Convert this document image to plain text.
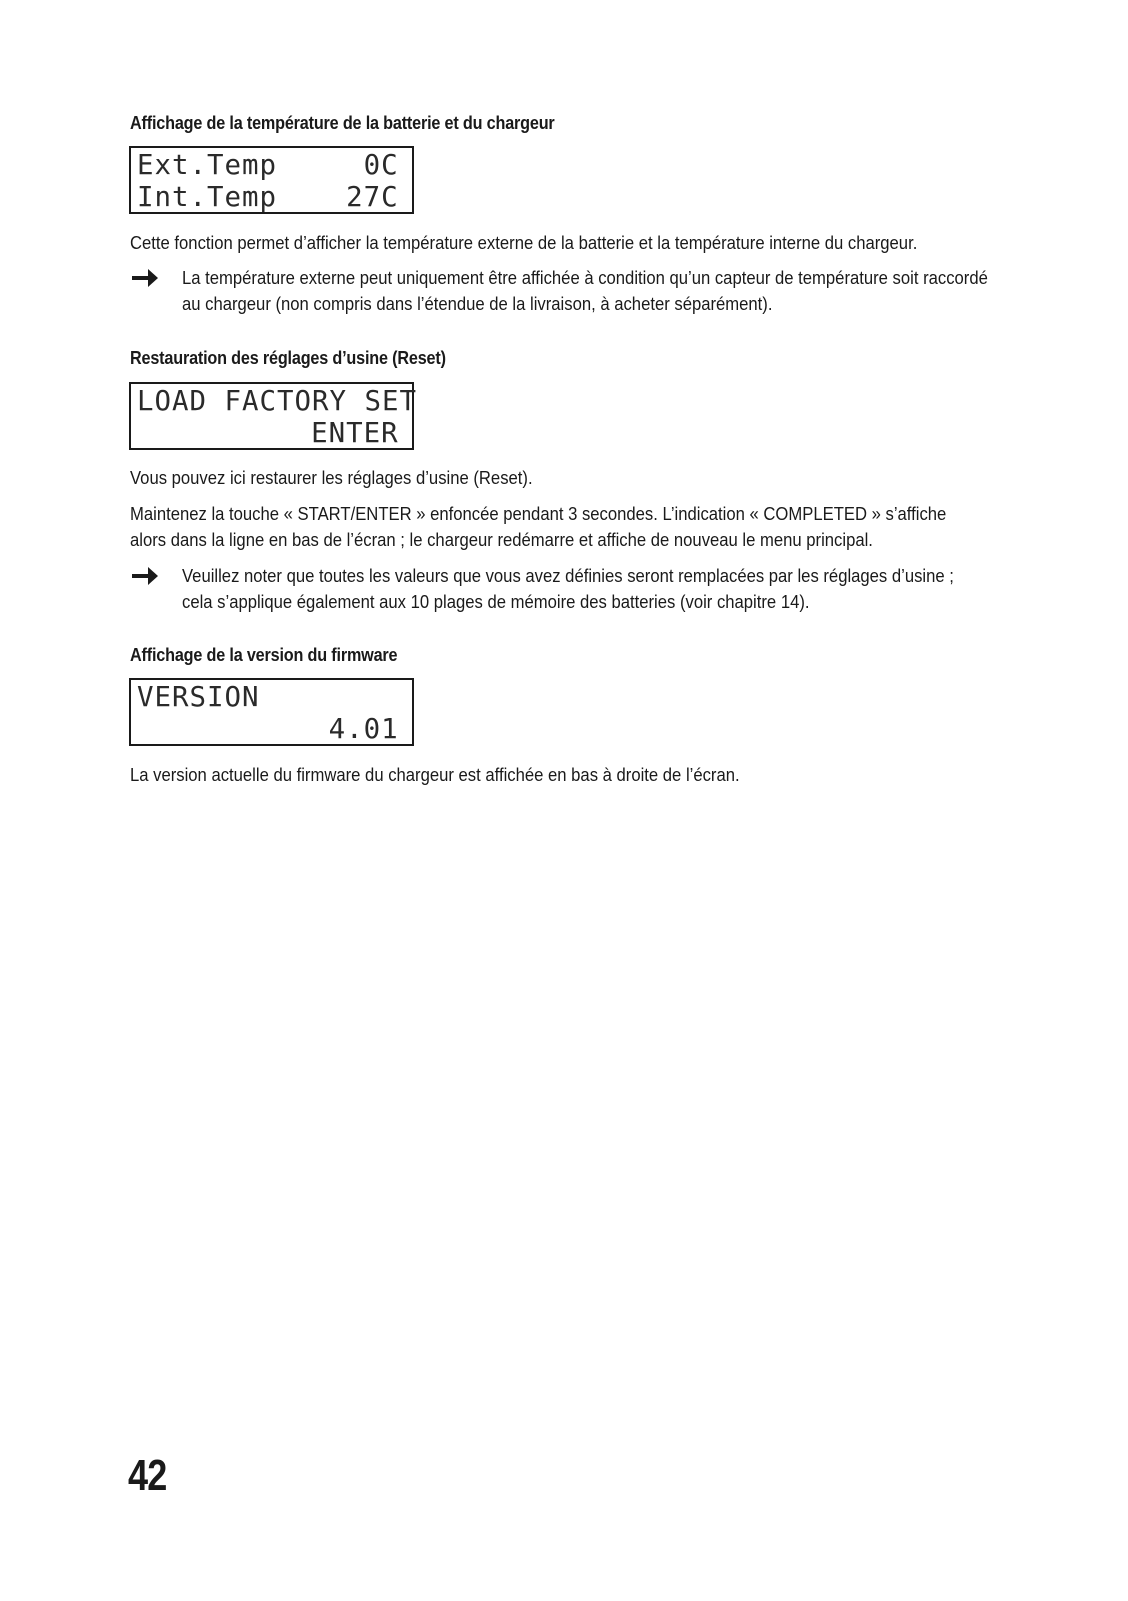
Affichage de la température de la batterie et du chargeur
Ext.Temp	0C
Int.Temp 27C
Cette fonction permet d’afficher la température externe de la batterie et la température interne du chargeur.
La température externe peut uniquement être affichée à condition qu’un capteur de température soit raccordé
au chargeur (non compris dans l’étendue de la livraison, à acheter séparément).
Restauration des réglages d’usine (Reset)
LOAD FACTORY SET
ENTER
Vous pouvez ici restaurer les réglages d’usine (Reset).
Maintenez la touche « START/ENTER » enfoncée pendant 3 secondes. L’indication « COMPLETED » s’affiche
alors dans la ligne en bas de l’écran ; le chargeur redémarre et affiche de nouveau le menu principal.
Veuillez noter que toutes les valeurs que vous avez définies seront remplacées par les réglages d’usine ;
cela s’applique également aux 10 plages de mémoire des batteries (voir chapitre 14).
Affichage de la version du firmware
VERSION
4.01
La version actuelle du firmware du chargeur est affichée en bas à droite de l’écran.
42
